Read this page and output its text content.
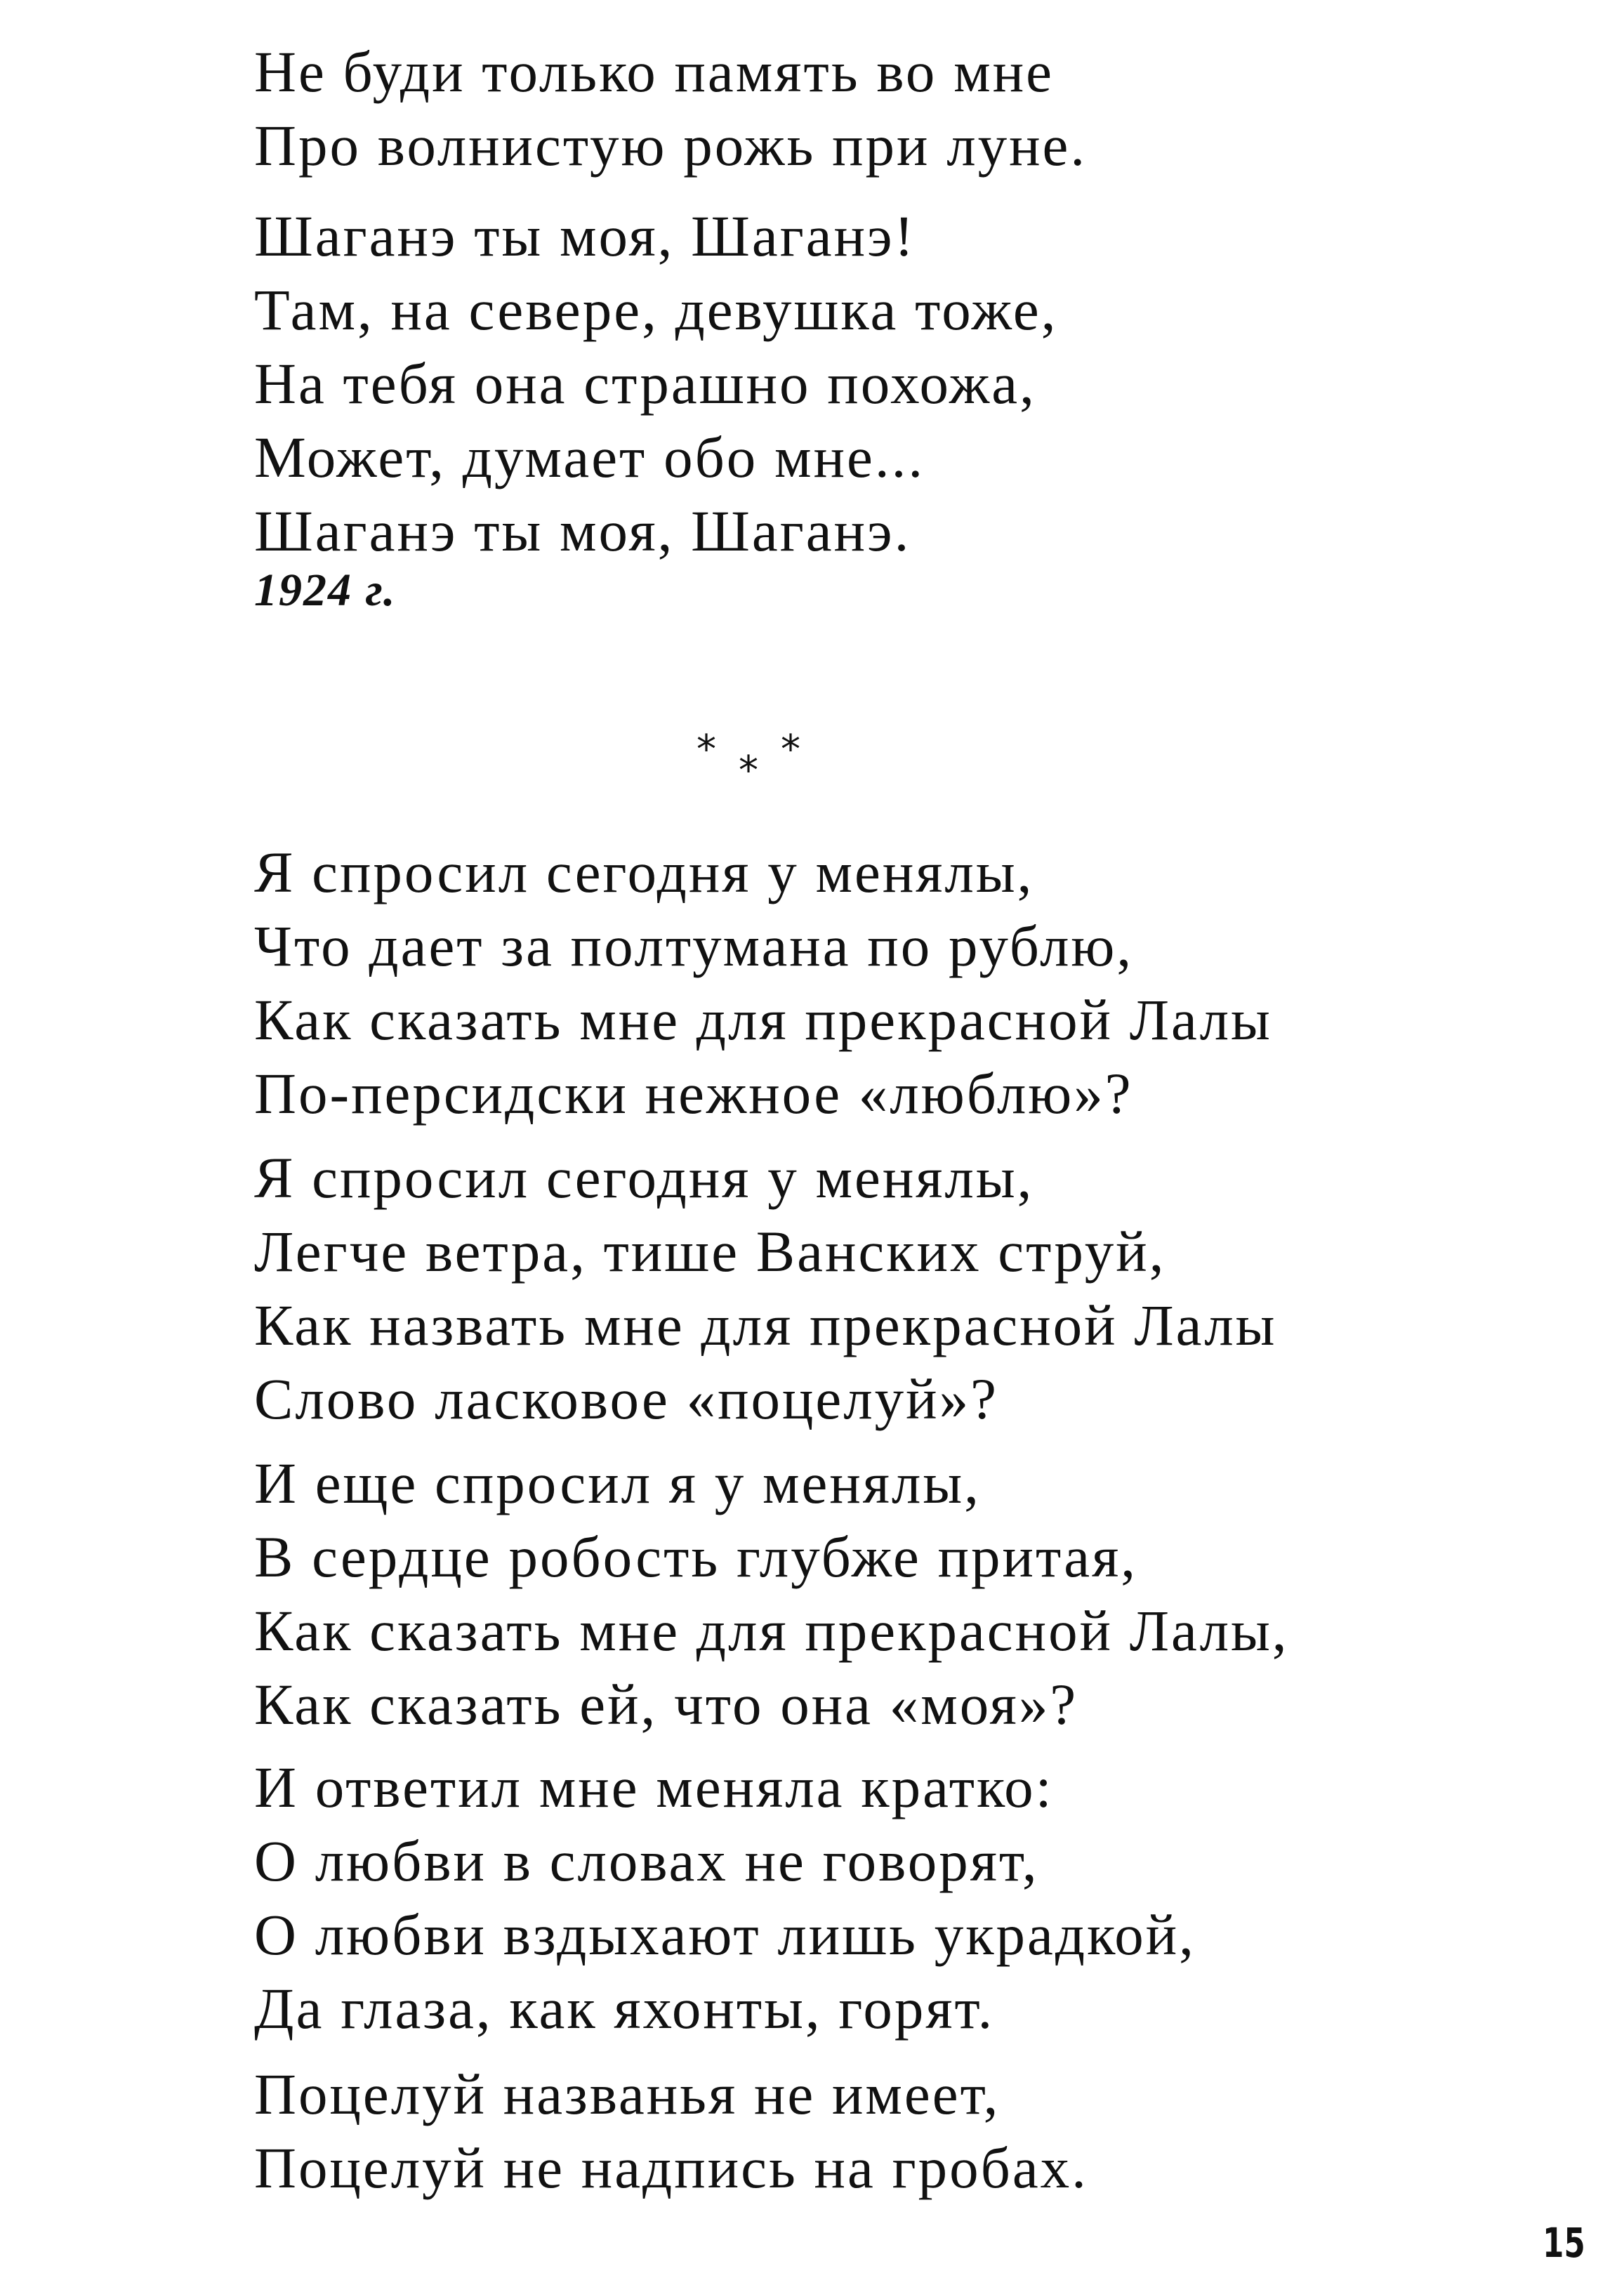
Не буди только память во мне
Про волнистую рожь при луне.
Шаганэ ты моя, Шаганэ!
Там, на севере, девушка тоже,
На тебя она страшно похожа,
Может, думает обо мне...
Шаганэ ты моя, Шаганэ.
1924 г.
* * *
Я спросил сегодня у менялы,
Что дает за полтумана по рублю,
Как сказать мне для прекрасной Лалы
По-персидски нежное «люблю»?
Я спросил сегодня у менялы,
Легче ветра, тише Ванских струй,
Как назвать мне для прекрасной Лалы
Слово ласковое «поцелуй»?
И еще спросил я у менялы,
В сердце робость глубже притая,
Как сказать мне для прекрасной Лалы,
Как сказать ей, что она «моя»?
И ответил мне меняла кратко:
О любви в словах не говорят,
О любви вздыхают лишь украдкой,
Да глаза, как яхонты, горят.
Поцелуй названья не имеет,
Поцелуй не надпись на гробах.
15
